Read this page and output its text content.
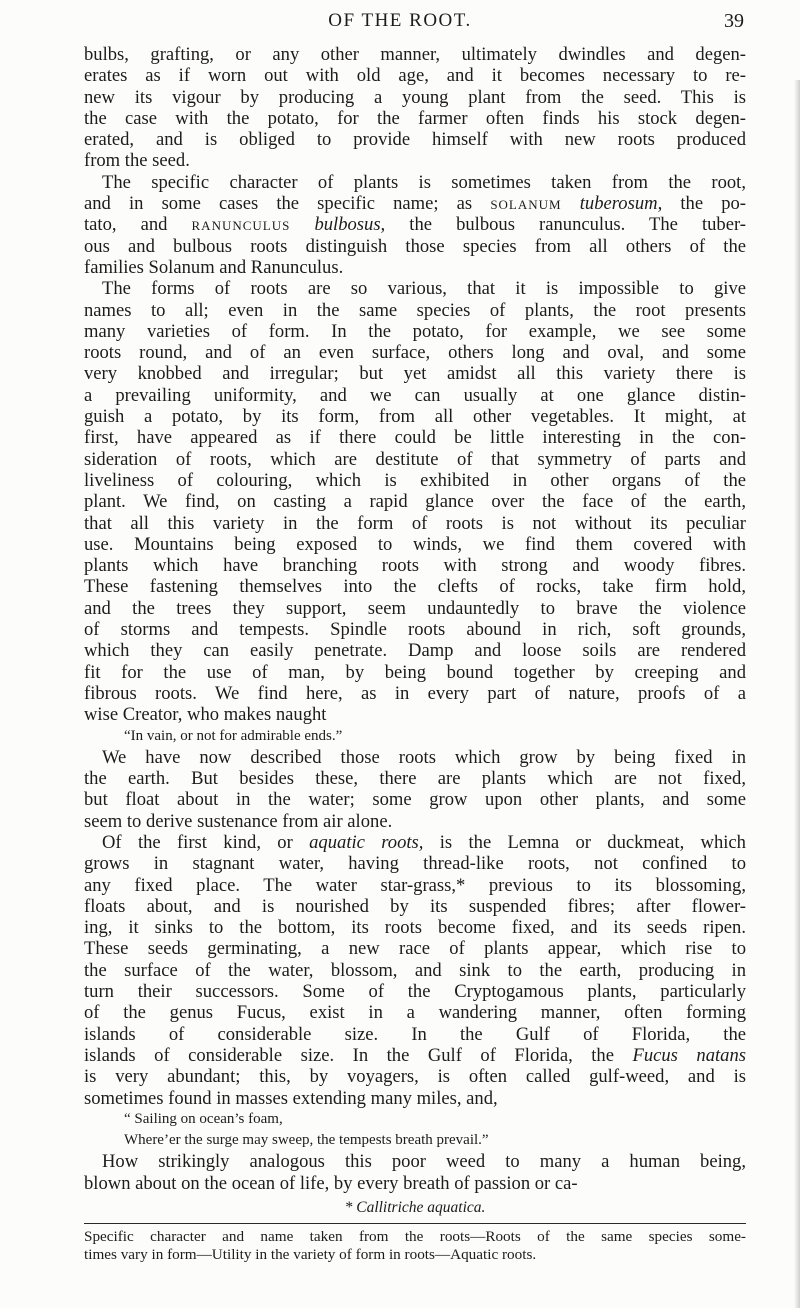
OF THE ROOT.	39
bulbs, grafting, or any other manner, ultimately dwindles and degen-
erates as if worn out with old age, and it becomes necessary to re-
new its vigour by producing a young plant from the seed. This is
the case with the potato, for the farmer often finds his stock degen-
erated, and is obliged to provide himself with new roots produced
from the seed.
The specific character of plants is sometimes taken from the root,
and in some cases the specific name; as SOLANUM tuberosum, the po-
tato, and RANUNCULUS bulbosus, the bulbous ranunculus. The tuber-
ous and bulbous roots distinguish those species from all others of the
families Solanum and Ranunculus.
The forms of roots are so various, that it is impossible to give
names to all; even in the same species of plants, the root presents
many varieties of form. In the potato, for example, we see some
roots round, and of an even surface, others long and oval, and some
very knobbed and irregular; but yet amidst all this variety there is
a prevailing uniformity, and we can usually at one glance distin-
guish a potato, by its form, from all other vegetables. It might, at
first, have appeared as if there could be little interesting in the con-
sideration of roots, which are destitute of that symmetry of parts and
liveliness of colouring, which is exhibited in other organs of the
plant. We find, on casting a rapid glance over the face of the earth,
that all this variety in the form of roots is not without its peculiar
use. Mountains being exposed to winds, we find them covered with
plants which have branching roots with strong and woody fibres.
These fastening themselves into the clefts of rocks, take firm hold,
and the trees they support, seem undauntedly to brave the violence
of storms and tempests. Spindle roots abound in rich, soft grounds,
which they can easily penetrate. Damp and loose soils are rendered
fit for the use of man, by being bound together by creeping and
fibrous roots. We find here, as in every part of nature, proofs of a
wise Creator, who makes naught
“In vain, or not for admirable ends.”
We have now described those roots which grow by being fixed in
the earth. But besides these, there are plants which are not fixed,
but float about in the water; some grow upon other plants, and some
seem to derive sustenance from air alone.
Of the first kind, or aquatic roots, is the Lemna or duckmeat, which
grows in stagnant water, having thread-like roots, not confined to
any fixed place. The water star-grass,* previous to its blossoming,
floats about, and is nourished by its suspended fibres; after flower-
ing, it sinks to the bottom, its roots become fixed, and its seeds ripen.
These seeds germinating, a new race of plants appear, which rise to
the surface of the water, blossom, and sink to the earth, producing in
turn their successors. Some of the Cryptogamous plants, particularly
of the genus Fucus, exist in a wandering manner, often forming
islands of considerable size. In the Gulf of Florida, the
islands of considerable size. In the Gulf of Florida, the Fucus natans
is very abundant; this, by voyagers, is often called gulf-weed, and is
sometimes found in masses extending many miles, and,
“ Sailing on ocean’s foam,
Where’er the surge may sweep, the tempests breath prevail.”
How strikingly analogous this poor weed to many a human being,
blown about on the ocean of life, by every breath of passion or ca-
* Callitriche aquatica.
Specific character and name taken from the roots—Roots of the same species some-
times vary in form—Utility in the variety of form in roots—Aquatic roots.
